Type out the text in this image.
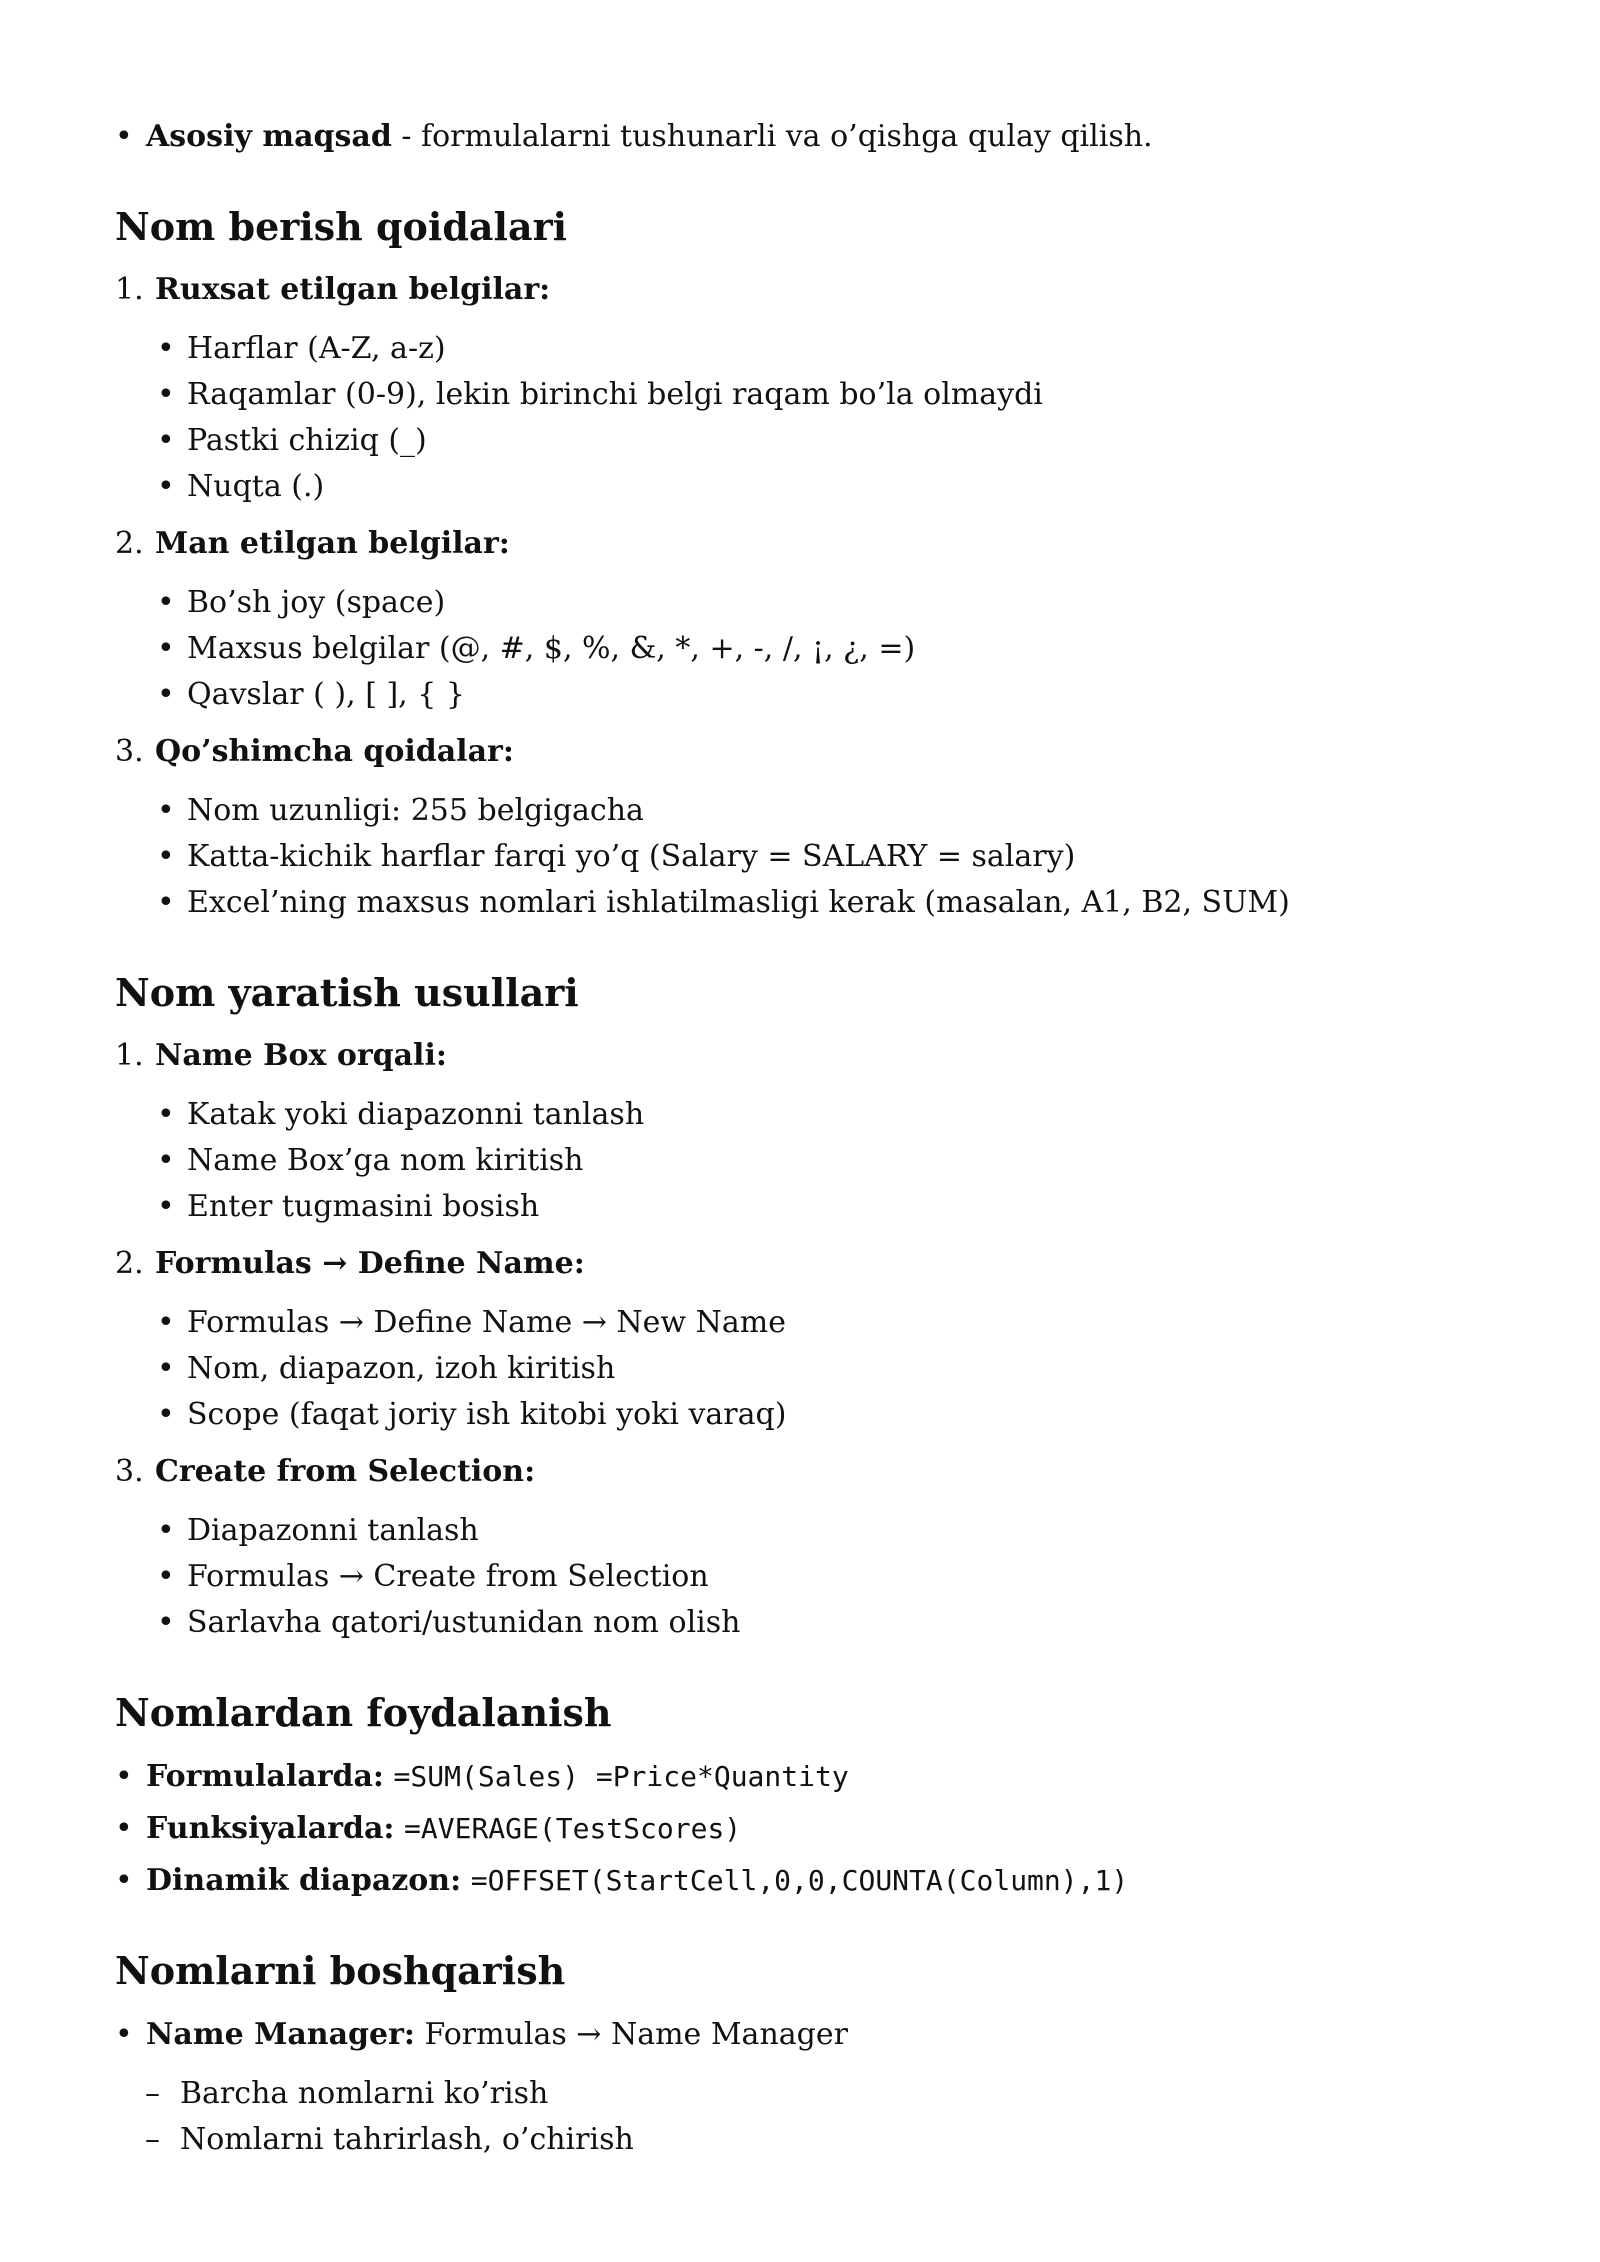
• Asosiy maqsad - formulalarni tushunarli va o’qishga qulay qilish.
Nom berish qoidalari
1. Ruxsat etilgan belgilar:
• Harflar (A-Z, a-z)
• Raqamlar (0-9), lekin birinchi belgi raqam bo’la olmaydi
• Pastki chiziq (_)
• Nuqta (.)
2. Man etilgan belgilar:
• Bo’sh joy (space)
• Maxsus belgilar (@, #, $, %, &, *, +, -, /, ¡, ¿, =)
• Qavslar ( ), [ ], { }
3. Qo’shimcha qoidalar:
• Nom uzunligi: 255 belgigacha
• Katta-kichik harflar farqi yo’q (Salary = SALARY = salary)
• Excel’ning maxsus nomlari ishlatilmasligi kerak (masalan, A1, B2, SUM)
Nom yaratish usullari
1. Name Box orqali:
• Katak yoki diapazonni tanlash
• Name Box’ga nom kiritish
• Enter tugmasini bosish
2. Formulas → Define Name:
• Formulas → Define Name → New Name
• Nom, diapazon, izoh kiritish
• Scope (faqat joriy ish kitobi yoki varaq)
3. Create from Selection:
• Diapazonni tanlash
• Formulas → Create from Selection
• Sarlavha qatori/ustunidan nom olish
Nomlardan foydalanish
• Formulalarda: =SUM(Sales) =Price*Quantity
• Funksiyalarda: =AVERAGE(TestScores)
• Dinamik diapazon: =OFFSET(StartCell,0,0,COUNTA(Column),1)
Nomlarni boshqarish
• Name Manager: Formulas → Name Manager
– Barcha nomlarni ko’rish
– Nomlarni tahrirlash, o’chirish
